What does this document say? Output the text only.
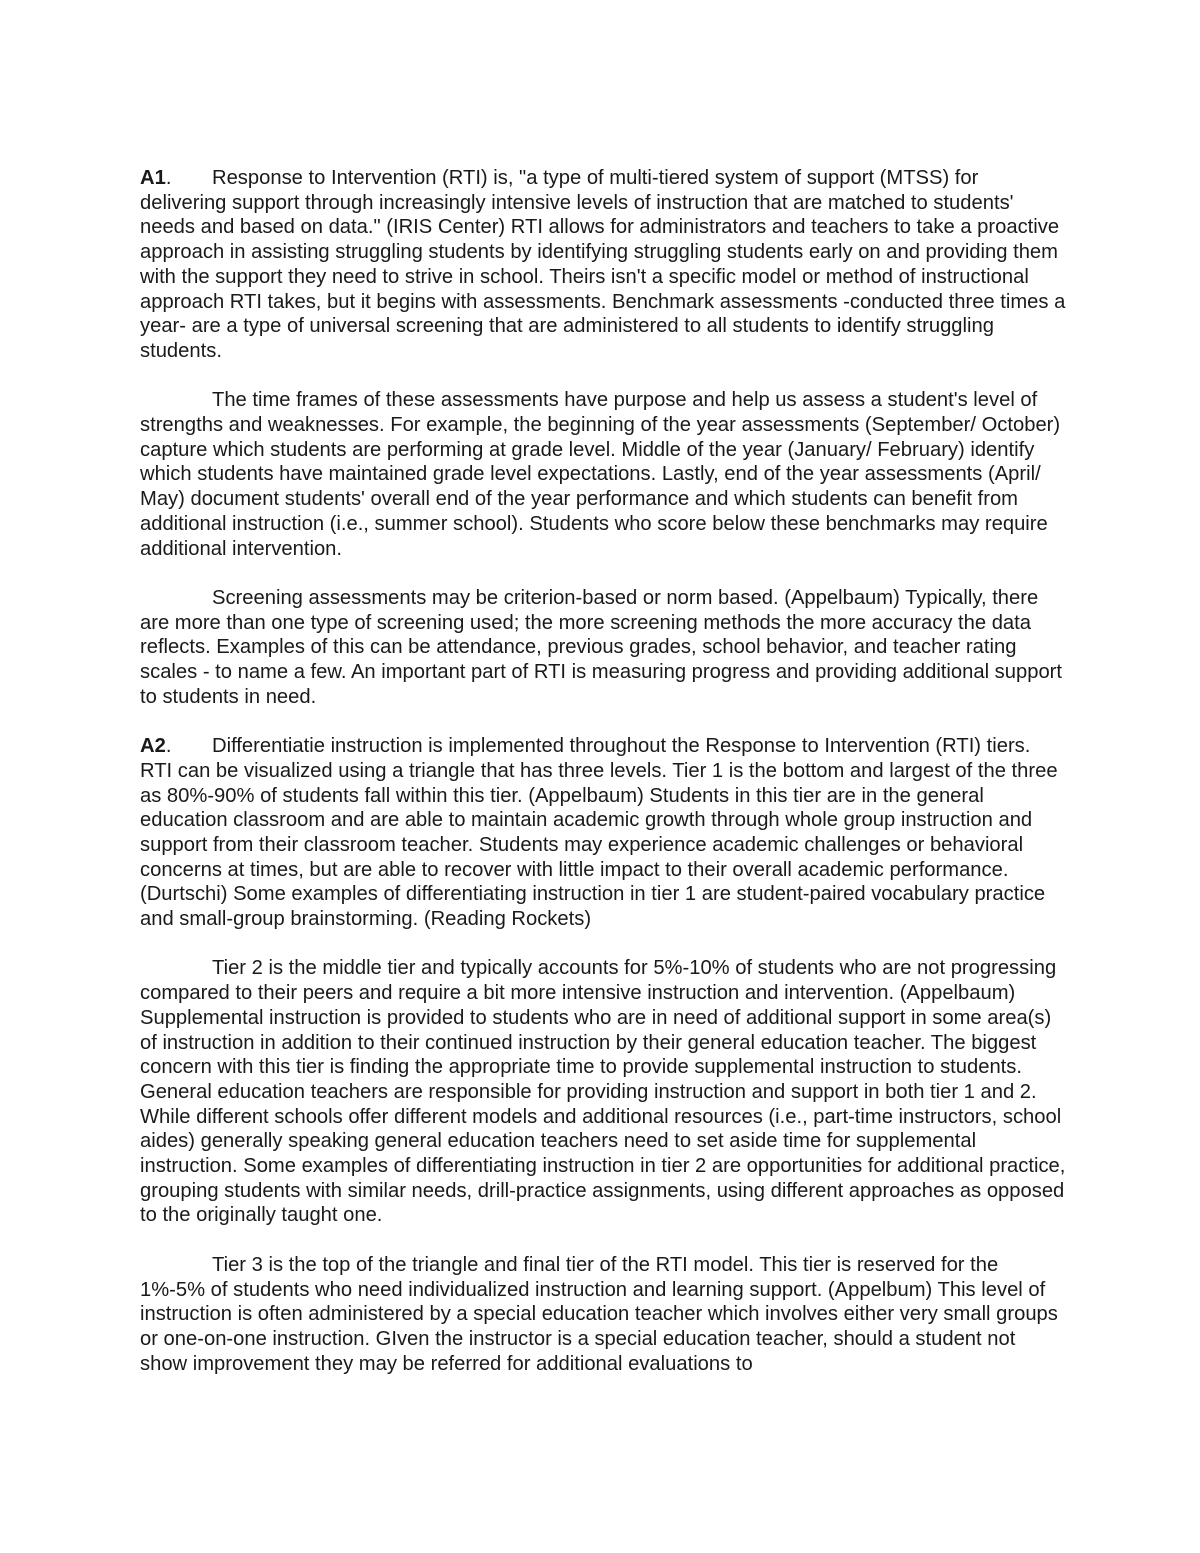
A1. Response to Intervention (RTI) is, "a type of multi-tiered system of support (MTSS) for delivering support through increasingly intensive levels of instruction that are matched to students' needs and based on data." (IRIS Center) RTI allows for administrators and teachers to take a proactive approach in assisting struggling students by identifying struggling students early on and providing them with the support they need to strive in school. Theirs isn't a specific model or method of instructional approach RTI takes, but it begins with assessments. Benchmark assessments -conducted three times a year- are a type of universal screening that are administered to all students to identify struggling students.

The time frames of these assessments have purpose and help us assess a student's level of strengths and weaknesses. For example, the beginning of the year assessments (September/ October) capture which students are performing at grade level. Middle of the year (January/ February) identify which students have maintained grade level expectations. Lastly, end of the year assessments (April/ May) document students' overall end of the year performance and which students can benefit from additional instruction (i.e., summer school). Students who score below these benchmarks may require additional intervention.

Screening assessments may be criterion-based or norm based. (Appelbaum) Typically, there are more than one type of screening used; the more screening methods the more accuracy the data reflects. Examples of this can be attendance, previous grades, school behavior, and teacher rating scales - to name a few. An important part of RTI is measuring progress and providing additional support to students in need.

A2. Differentiatie instruction is implemented throughout the Response to Intervention (RTI) tiers. RTI can be visualized using a triangle that has three levels. Tier 1 is the bottom and largest of the three as 80%-90% of students fall within this tier. (Appelbaum) Students in this tier are in the general education classroom and are able to maintain academic growth through whole group instruction and support from their classroom teacher. Students may experience academic challenges or behavioral concerns at times, but are able to recover with little impact to their overall academic performance. (Durtschi) Some examples of differentiating instruction in tier 1 are student-paired vocabulary practice and small-group brainstorming. (Reading Rockets)

Tier 2 is the middle tier and typically accounts for 5%-10% of students who are not progressing compared to their peers and require a bit more intensive instruction and intervention. (Appelbaum) Supplemental instruction is provided to students who are in need of additional support in some area(s) of instruction in addition to their continued instruction by their general education teacher. The biggest concern with this tier is finding the appropriate time to provide supplemental instruction to students. General education teachers are responsible for providing instruction and support in both tier 1 and 2. While different schools offer different models and additional resources (i.e., part-time instructors, school aides) generally speaking general education teachers need to set aside time for supplemental instruction. Some examples of differentiating instruction in tier 2 are opportunities for additional practice, grouping students with similar needs, drill-practice assignments, using different approaches as opposed to the originally taught one.

Tier 3 is the top of the triangle and final tier of the RTI model. This tier is reserved for the 1%-5% of students who need individualized instruction and learning support. (Appelbum) This level of instruction is often administered by a special education teacher which involves either very small groups or one-on-one instruction. GIven the instructor is a special education teacher, should a student not show improvement they may be referred for additional evaluations to
